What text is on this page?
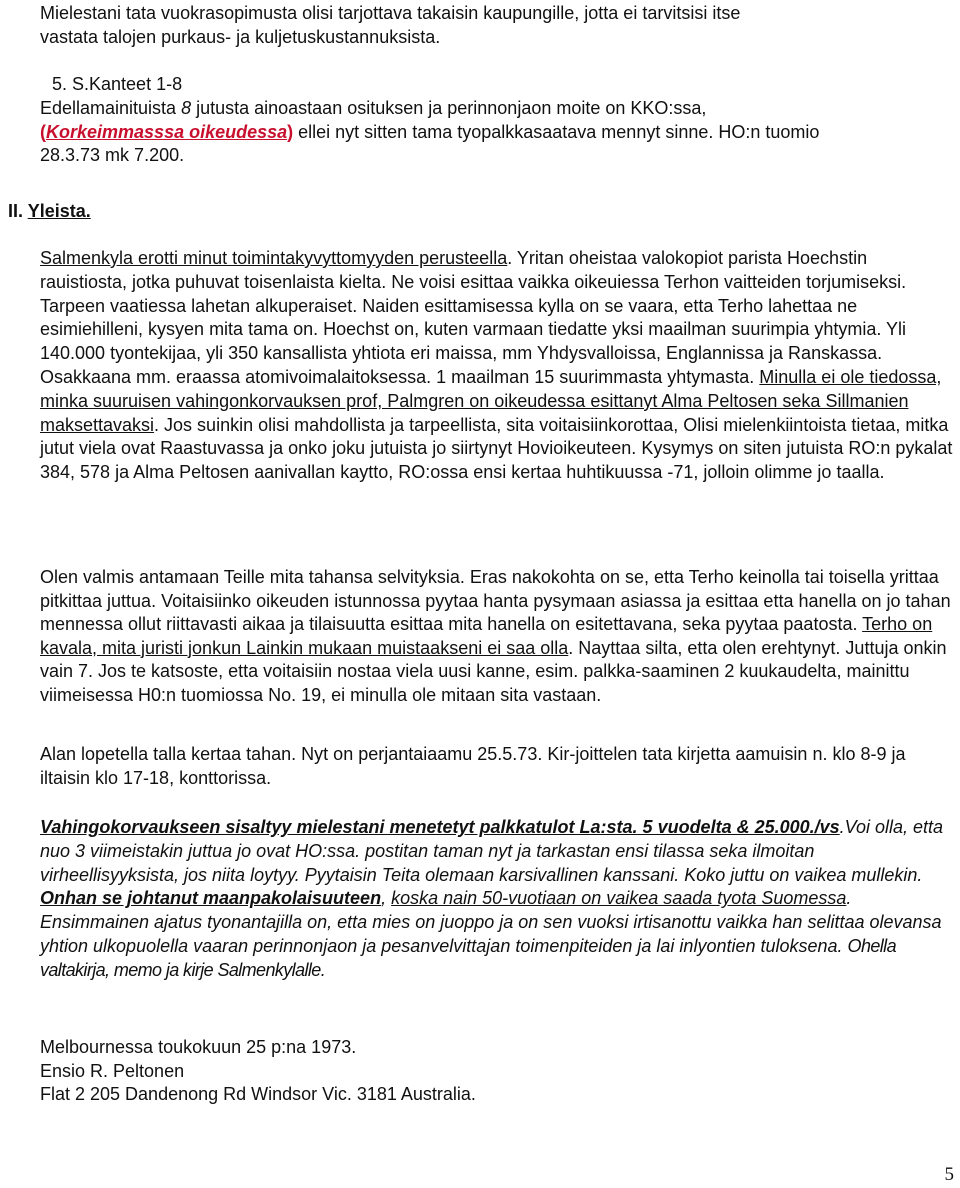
Mielestani tata vuokrasopimusta olisi tarjottava takaisin kaupungille, jotta ei tarvitsisi itse
vastata talojen purkaus- ja kuljetuskustannuksista.

5. S.Kanteet 1-8

Edellamainituista 8 jutusta ainoastaan osituksen ja perinnonjaon moite on KKO:ssa,
(Korkeimmasssa oikeudessa) ellei nyt sitten tama tyopalkkasaatava mennyt sinne. HO:n tuomio
28.3.73 mk 7.200.

II. Yleista.

Salmenkyla erotti minut toimintakyvyttomyyden perusteella. Yritan oheistaa valokopiot parista Hoechstin rauistiosta, jotka puhuvat toisenlaista kielta. Ne voisi esittaa vaikka oikeuiessa Terhon vaitteiden torjumiseksi. Tarpeen vaatiessa lahetan alkuperaiset. Naiden esittamisessa kylla on se vaara, etta Terho lahettaa ne esimiehilleni, kysyen mita tama on. Hoechst on, kuten varmaan tiedatte yksi maailman suurimpia yhtymia. Yli 140.000 tyontekijaa, yli 350 kansallista yhtiota eri maissa, mm Yhdysvalloissa, Englannissa ja Ranskassa. Osakkaana mm. eraassa atomivoimalaitoksessa. 1 maailman 15 suurimmasta yhtymasta. Minulla ei ole tiedossa, minka suuruisen vahingonkorvauksen prof, Palmgren on oikeudessa esittanyt Alma Peltosen seka Sillmanien maksettavaksi. Jos suinkin olisi mahdollista ja tarpeellista, sita voitaisiinkorottaa, Olisi mielenkiintoista tietaa, mitka jutut viela ovat Raastuvassa ja onko joku jutuista jo siirtynyt Hovioikeuteen. Kysymys on siten jutuista RO:n pykalat 384, 578 ja Alma Peltosen aanivallan kaytto, RO:ossa ensi kertaa huhtikuussa -71, jolloin olimme jo taalla.

Olen valmis antamaan Teille mita tahansa selvityksia. Eras nakokohta on se, etta Terho keinolla tai toisella yrittaa pitkittaa juttua. Voitaisiinko oikeuden istunnossa pyytaa hanta pysymaan asiassa ja esittaa etta hanella on jo tahan mennessa ollut riittavasti aikaa ja tilaisuutta esittaa mita hanella on esitettavana, seka pyytaa paatosta. Terho on kavala, mita juristi jonkun Lainkin mukaan muistaakseni ei saa olla. Nayttaa silta, etta olen erehtynyt. Juttuja onkin vain 7. Jos te katsoste, etta voitaisiin nostaa viela uusi kanne, esim. palkka-saaminen 2 kuukaudelta, mainittu viimeisessa H0:n tuomiossa No. 19, ei minulla ole mitaan sita vastaan.

Alan lopetella talla kertaa tahan. Nyt on perjantaiaamu 25.5.73. Kir-joittelen tata kirjetta aamuisin n. klo 8-9 ja iltaisin klo 17-18, konttorissa.

Vahingokorvaukseen sisaltyy mielestani menetetyt palkkatulot La:sta. 5 vuodelta & 25.000./vs.Voi olla, etta nuo 3 viimeistakin juttua jo ovat HO:ssa. postitan taman nyt ja tarkastan ensi tilassa seka ilmoitan virheellisyyksista, jos niita loytyy. Pyytaisin Teita olemaan karsivallinen kanssani. Koko juttu on vaikea mullekin. Onhan se johtanut maanpakolaisuuteen, koska nain 50-vuotiaan on vaikea saada tyota Suomessa. Ensimmainen ajatus tyonantajilla on, etta mies on juoppo ja on sen vuoksi irtisanottu vaikka han selittaa olevansa yhtion ulkopuolella vaaran perinnonjaon ja pesanvelvittajan toimenpiteiden ja lai inlyontien tuloksena. Ohella valtakirja, memo ja kirje Salmenkylalle.

Melbournessa toukokuun 25 p:na 1973.
Ensio R. Peltonen
Flat 2 205 Dandenong Rd Windsor Vic. 3181 Australia.

5
